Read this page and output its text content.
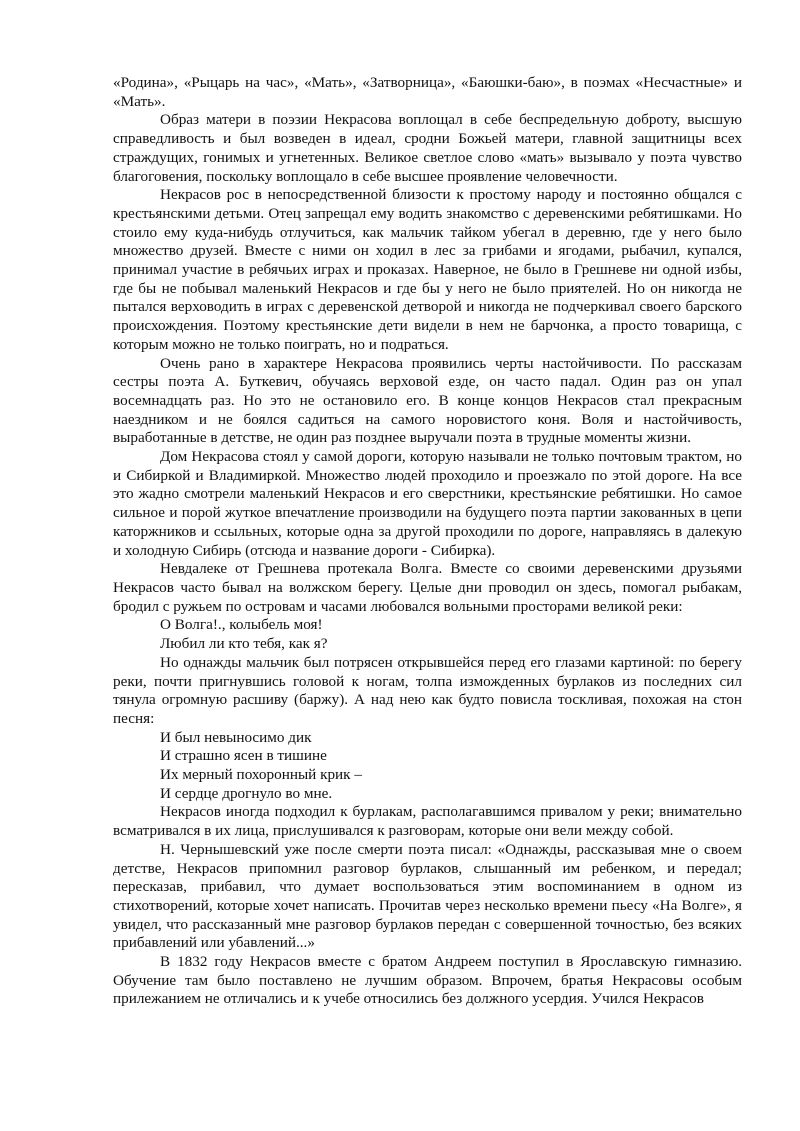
«Родина», «Рыцарь на час», «Мать», «Затворница», «Баюшки-баю», в поэмах «Несчастные» и «Мать».

Образ матери в поэзии Некрасова воплощал в себе беспредельную доброту, высшую справедливость и был возведен в идеал, сродни Божьей матери, главной защитницы всех страждущих, гонимых и угнетенных. Великое светлое слово «мать» вызывало у поэта чувство благоговения, поскольку воплощало в себе высшее проявление человечности.

Некрасов рос в непосредственной близости к простому народу и постоянно общался с крестьянскими детьми. Отец запрещал ему водить знакомство с деревенскими ребятишками. Но стоило ему куда-нибудь отлучиться, как мальчик тайком убегал в деревню, где у него было множество друзей. Вместе с ними он ходил в лес за грибами и ягодами, рыбачил, купался, принимал участие в ребячьих играх и проказах. Наверное, не было в Грешневе ни одной избы, где бы не побывал маленький Некрасов и где бы у него не было приятелей. Но он никогда не пытался верховодить в играх с деревенской детворой и никогда не подчеркивал своего барского происхождения. Поэтому крестьянские дети видели в нем не барчонка, а просто товарища, с которым можно не только поиграть, но и подраться.

Очень рано в характере Некрасова проявились черты настойчивости. По рассказам сестры поэта А. Буткевич, обучаясь верховой езде, он часто падал. Один раз он упал восемнадцать раз. Но это не остановило его. В конце концов Некрасов стал прекрасным наездником и не боялся садиться на самого норовистого коня. Воля и настойчивость, выработанные в детстве, не один раз позднее выручали поэта в трудные моменты жизни.

Дом Некрасова стоял у самой дороги, которую называли не только почтовым трактом, но и Сибиркой и Владимиркой. Множество людей проходило и проезжало по этой дороге. На все это жадно смотрели маленький Некрасов и его сверстники, крестьянские ребятишки. Но самое сильное и порой жуткое впечатление производили на будущего поэта партии закованных в цепи каторжников и ссыльных, которые одна за другой проходили по дороге, направляясь в далекую и холодную Сибирь (отсюда и название дороги - Сибирка).

Невдалеке от Грешнева протекала Волга. Вместе со своими деревенскими друзьями Некрасов часто бывал на волжском берегу. Целые дни проводил он здесь, помогал рыбакам, бродил с ружьем по островам и часами любовался вольными просторами великой реки:

О Волга!., колыбель моя!

Любил ли кто тебя, как я?

Но однажды мальчик был потрясен открывшейся перед его глазами картиной: по берегу реки, почти пригнувшись головой к ногам, толпа изможденных бурлаков из последних сил тянула огромную расшиву (баржу). А над нею как будто повисла тоскливая, похожая на стон песня:

И был невыносимо дик

И страшно ясен в тишине

Их мерный похоронный крик –

И сердце дрогнуло во мне.

Некрасов иногда подходил к бурлакам, располагавшимся привалом у реки; внимательно всматривался в их лица, прислушивался к разговорам, которые они вели между собой.

Н. Чернышевский уже после смерти поэта писал: «Однажды, рассказывая мне о своем детстве, Некрасов припомнил разговор бурлаков, слышанный им ребенком, и передал; пересказав, прибавил, что думает воспользоваться этим воспоминанием в одном из стихотворений, которые хочет написать. Прочитав через несколько времени пьесу «На Волге», я увидел, что рассказанный мне разговор бурлаков передан с совершенной точностью, без всяких прибавлений или убавлений...»

В 1832 году Некрасов вместе с братом Андреем поступил в Ярославскую гимназию. Обучение там было поставлено не лучшим образом. Впрочем, братья Некрасовы особым прилежанием не отличались и к учебе относились без должного усердия. Учился Некрасов
